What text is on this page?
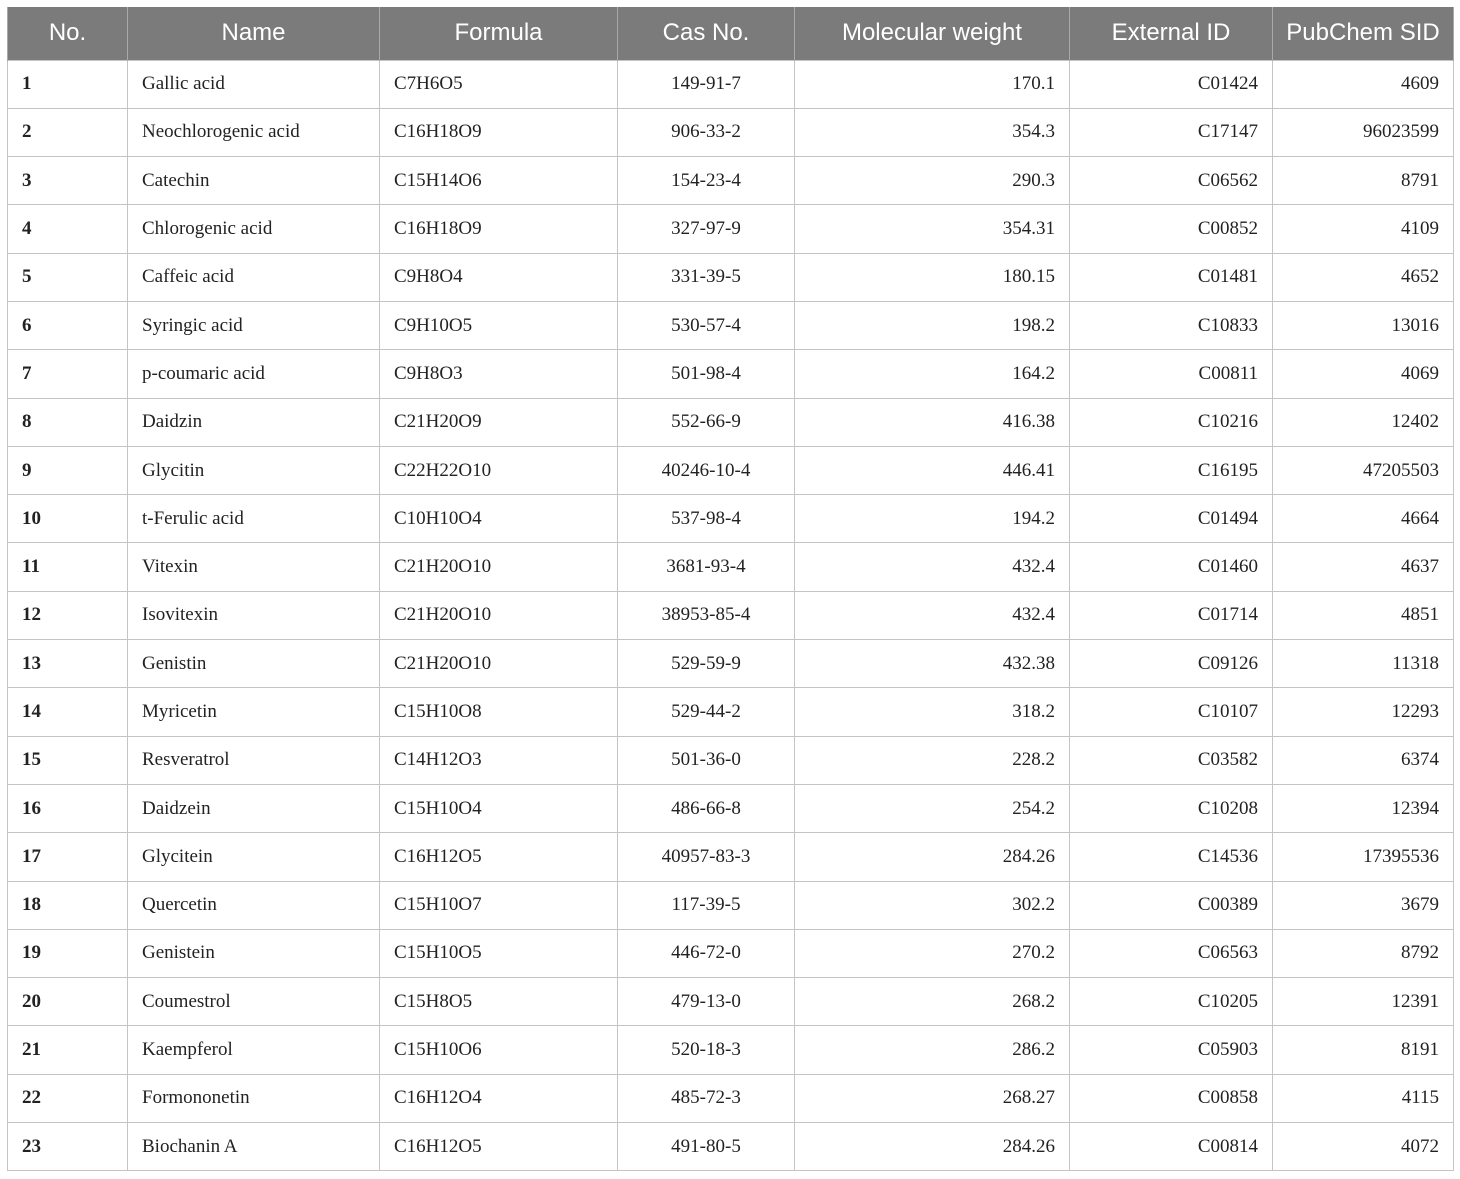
No.	Name	Formula	Cas No.	Molecular weight	External ID	PubChem SID
1	Gallic acid	C7H6O5	149-91-7	170.1	C01424	4609
2	Neochlorogenic acid	C16H18O9	906-33-2	354.3	C17147	96023599
3	Catechin	C15H14O6	154-23-4	290.3	C06562	8791
4	Chlorogenic acid	C16H18O9	327-97-9	354.31	C00852	4109
5	Caffeic acid	C9H8O4	331-39-5	180.15	C01481	4652
6	Syringic acid	C9H10O5	530-57-4	198.2	C10833	13016
7	p-coumaric acid	C9H8O3	501-98-4	164.2	C00811	4069
8	Daidzin	C21H20O9	552-66-9	416.38	C10216	12402
9	Glycitin	C22H22O10	40246-10-4	446.41	C16195	47205503
10	t-Ferulic acid	C10H10O4	537-98-4	194.2	C01494	4664
11	Vitexin	C21H20O10	3681-93-4	432.4	C01460	4637
12	Isovitexin	C21H20O10	38953-85-4	432.4	C01714	4851
13	Genistin	C21H20O10	529-59-9	432.38	C09126	11318
14	Myricetin	C15H10O8	529-44-2	318.2	C10107	12293
15	Resveratrol	C14H12O3	501-36-0	228.2	C03582	6374
16	Daidzein	C15H10O4	486-66-8	254.2	C10208	12394
17	Glycitein	C16H12O5	40957-83-3	284.26	C14536	17395536
18	Quercetin	C15H10O7	117-39-5	302.2	C00389	3679
19	Genistein	C15H10O5	446-72-0	270.2	C06563	8792
20	Coumestrol	C15H8O5	479-13-0	268.2	C10205	12391
21	Kaempferol	C15H10O6	520-18-3	286.2	C05903	8191
22	Formononetin	C16H12O4	485-72-3	268.27	C00858	4115
23	Biochanin A	C16H12O5	491-80-5	284.26	C00814	4072
